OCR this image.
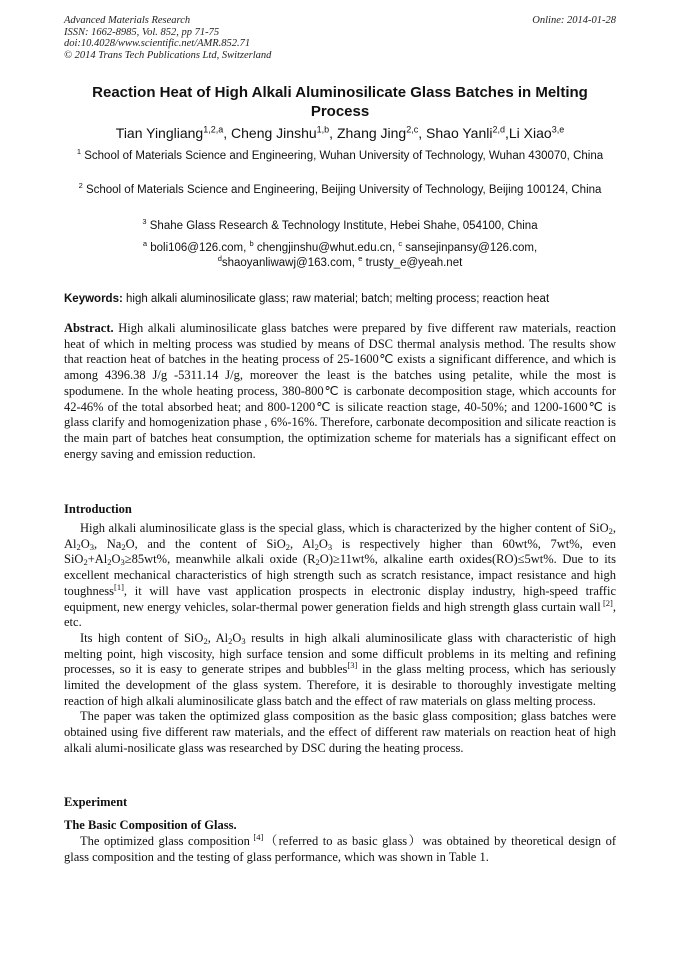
Advanced Materials Research
ISSN: 1662-8985, Vol. 852, pp 71-75
doi:10.4028/www.scientific.net/AMR.852.71
© 2014 Trans Tech Publications Ltd, Switzerland
Online: 2014-01-28
Reaction Heat of High Alkali Aluminosilicate Glass Batches in Melting Process
Tian Yingliang$^{1,2,a}$, Cheng Jinshu$^{1,b}$, Zhang Jing$^{2,c}$, Shao Yanli$^{2,d}$,Li Xiao$^{3,e}$
$^1$ School of Materials Science and Engineering, Wuhan University of Technology, Wuhan 430070, China
$^2$ School of Materials Science and Engineering, Beijing University of Technology, Beijing 100124, China
$^3$ Shahe Glass Research & Technology Institute, Hebei Shahe, 054100, China
$^a$ boli106@126.com, $^b$ chengjinshu@whut.edu.cn, $^c$ sansejinpansy@126.com,
$^d$shaoyanliwawj@163.com, $^e$ trusty_e@yeah.net
Keywords: high alkali aluminosilicate glass; raw material; batch; melting process; reaction heat
Abstract. High alkali aluminosilicate glass batches were prepared by five different raw materials, reaction heat of which in melting process was studied by means of DSC thermal analysis method. The results show that reaction heat of batches in the heating process of 25-1600℃ exists a significant difference, and which is among 4396.38 J/g -5311.14 J/g, moreover the least is the batches using petalite, while the most is spodumene. In the whole heating process, 380-800℃ is carbonate decomposition stage, which accounts for 42-46% of the total absorbed heat; and 800-1200℃ is silicate reaction stage, 40-50%; and 1200-1600℃ is glass clarify and homogenization phase , 6%-16%. Therefore, carbonate decomposition and silicate reaction is the main part of batches heat consumption, the optimization scheme for materials has a significant effect on energy saving and emission reduction.
Introduction

High alkali aluminosilicate glass is the special glass, which is characterized by the higher content of SiO$_2$, $Al_2O_3$, $Na_2O$, and the content of SiO$_2$, $Al_2O_3$ is respectively higher than 60wt%, 7wt%, even $SiO_2+Al_2O_3\ge 85wt\%$, meanwhile alkali oxide $(R_2O)\ge 11wt\%$, alkaline earth oxides(RO)≤5wt%. Due to its excellent mechanical characteristics of high strength such as scratch resistance, impact resistance and high toughness[1], it will have vast application prospects in electronic display industry, high-speed traffic equipment, new energy vehicles, solar-thermal power generation fields and high strength glass curtain wall [2], etc.

Its high content of SiO$_2$, $Al_2O_3$ results in high alkali aluminosilicate glass with characteristic of high melting point, high viscosity, high surface tension and some difficult problems in its melting and refining processes, so it is easy to generate stripes and bubbles[3] in the glass melting process, which has seriously limited the development of the glass system. Therefore, it is desirable to thoroughly investigate melting reaction of high alkali aluminosilicate glass batch and the effect of raw materials on glass melting process.

The paper was taken the optimized glass composition as the basic glass composition; glass batches were obtained using five different raw materials, and the effect of different raw materials on reaction heat of high alkali alumi-nosilicate glass was researched by DSC during the heating process.

Experiment
The Basic Composition of Glass.

The optimized glass composition [4]（referred to as basic glass）was obtained by theoretical design of glass composition and the testing of glass performance, which was shown in Table 1.
